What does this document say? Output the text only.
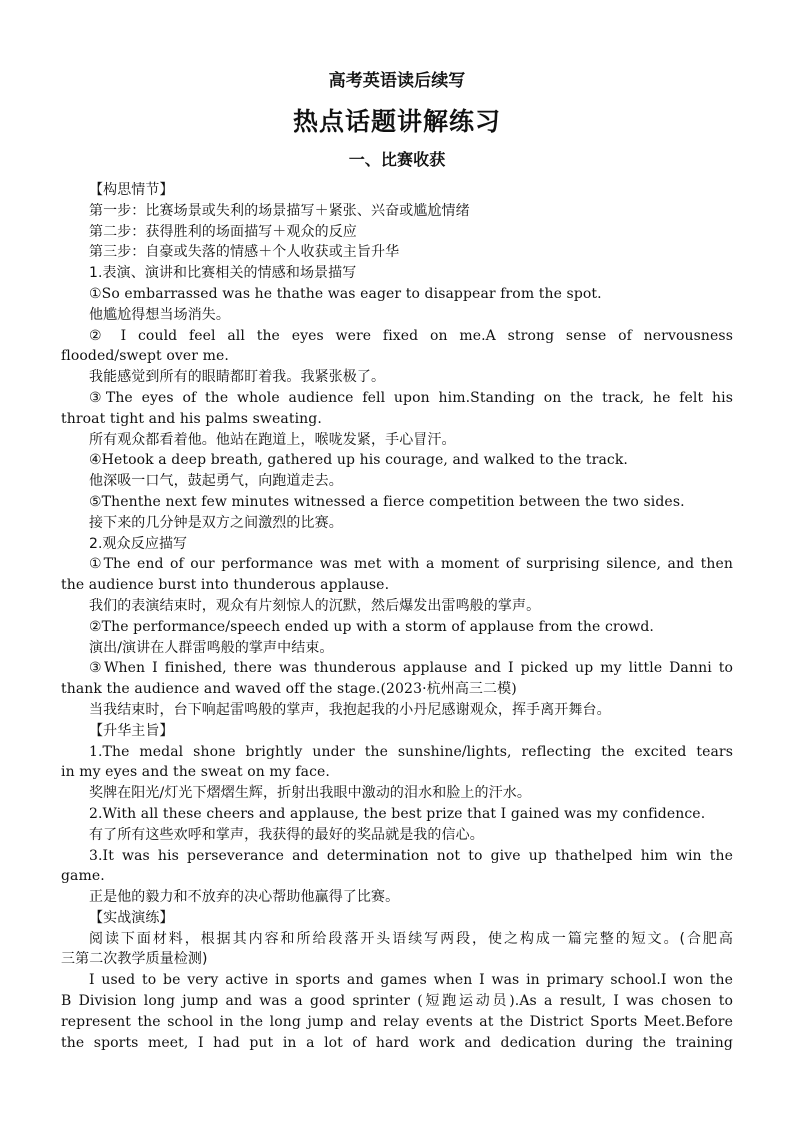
高考英语读后续写

热点话题讲解练习

一、比赛收获

【构思情节】

第一步：比赛场景或失利的场景描写＋紧张、兴奋或尴尬情绪

第二步：获得胜利的场面描写＋观众的反应

第三步：自豪或失落的情感＋个人收获或主旨升华

1.表演、演讲和比赛相关的情感和场景描写

①So embarrassed was he thathe was eager to disappear from the spot.

他尴尬得想当场消失。

② I could feel all the eyes were fixed on me.A strong sense of nervousness

flooded/swept over me.

我能感觉到所有的眼睛都盯着我。我紧张极了。

③The eyes of the whole audience fell upon him.Standing on the track, he felt his

throat tight and his palms sweating.

所有观众都看着他。他站在跑道上，喉咙发紧，手心冒汗。

④Hetook a deep breath, gathered up his courage, and walked to the track.

他深吸一口气，鼓起勇气，向跑道走去。

⑤Thenthe next few minutes witnessed a fierce competition between the two sides.

接下来的几分钟是双方之间激烈的比赛。

2.观众反应描写

①The end of our performance was met with a moment of surprising silence, and then

the audience burst into thunderous applause.

我们的表演结束时，观众有片刻惊人的沉默，然后爆发出雷鸣般的掌声。

②The performance/speech ended up with a storm of applause from the crowd.

演出/演讲在人群雷鸣般的掌声中结束。

③When I finished, there was thunderous applause and I picked up my little Danni to

thank the audience and waved off the stage.(2023·杭州高三二模)

当我结束时，台下响起雷鸣般的掌声，我抱起我的小丹尼感谢观众，挥手离开舞台。

【升华主旨】

1.The medal shone brightly under the sunshine/lights, reflecting the excited tears

in my eyes and the sweat on my face.

奖牌在阳光/灯光下熠熠生辉，折射出我眼中激动的泪水和脸上的汗水。

2.With all these cheers and applause, the best prize that I gained was my confidence.

有了所有这些欢呼和掌声，我获得的最好的奖品就是我的信心。

3.It was his perseverance and determination not to give up thathelped him win the

game.

正是他的毅力和不放弃的决心帮助他赢得了比赛。

【实战演练】

阅读下面材料，根据其内容和所给段落开头语续写两段，使之构成一篇完整的短文。(合肥高

三第二次教学质量检测)

I used to be very active in sports and games when I was in primary school.I won the

B Division long jump and was a good sprinter (短跑运动员).As a result, I was chosen to

represent the school in the long jump and relay events at the District Sports Meet.Before

the sports meet, I had put in a lot of hard work and dedication during the training
